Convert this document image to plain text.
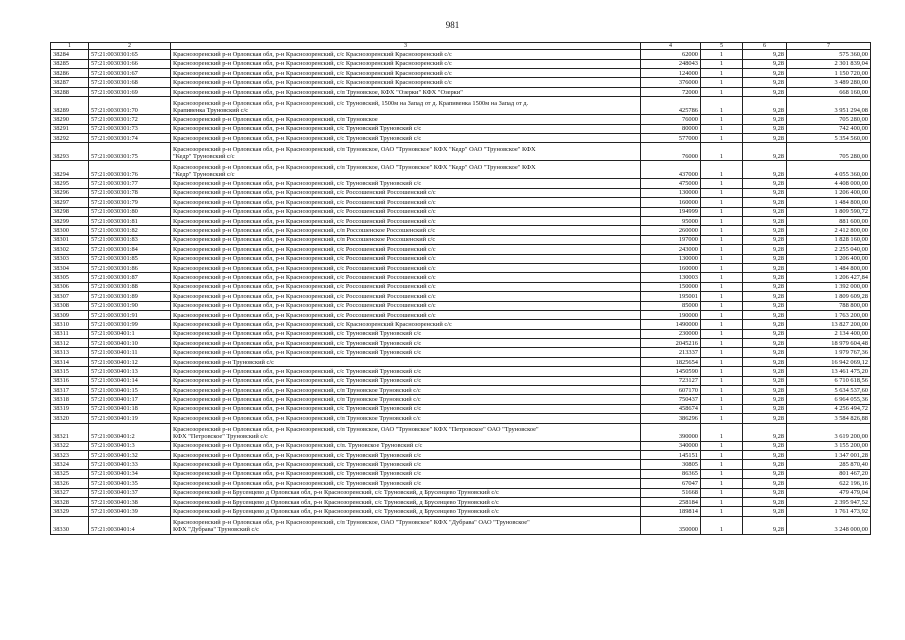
981
1	2	3	4	5	6	7
38284	57:21:0030301:65	Краснозоренский р-н Орловская обл, р-н Краснозоренский, с/с Краснозоренский Краснозоренский с/с	62000	1	9,28	575 360,00
38285	57:21:0030301:66	Краснозоренский р-н Орловская обл, р-н Краснозоренский, с/с Краснозоренский Краснозоренский с/с	248043	1	9,28	2 301 839,04
38286	57:21:0030301:67	Краснозоренский р-н Орловская обл, р-н Краснозоренский, с/с Краснозоренский Краснозоренский с/с	124000	1	9,28	1 150 720,00
38287	57:21:0030301:68	Краснозоренский р-н Орловская обл, р-н Краснозоренский, с/с Краснозоренский Краснозоренский с/с	376000	1	9,28	3 489 280,00
38288	57:21:0030301:69	Краснозоренский р-н Орловская обл, р-н Краснозоренский, с/п Труновское, КФХ "Озерки" КФХ "Озерки"	72000	1	9,28	668 160,00
38289	57:21:0030301:70	Краснозоренский р-н Орловская обл, р-н Краснозоренский, с/с Труновский, 1500м на Запад от д. Крапивенка 1500м на Запад от д.
Крапивенка Труновский с/с	425786	1	9,28	3 951 294,08
38290	57:21:0030301:72	Краснозоренский р-н Орловская обл, р-н Краснозоренский, с/п Труновское	76000	1	9,28	705 280,00
38291	57:21:0030301:73	Краснозоренский р-н Орловская обл, р-н Краснозоренский, с/с Труновский Труновский с/с	80000	1	9,28	742 400,00
38292	57:21:0030301:74	Краснозоренский р-н Орловская обл, р-н Краснозоренский, с/с Труновский Труновский с/с	577000	1	9,28	5 354 560,00
38293	57:21:0030301:75	Краснозоренский р-н Орловская обл, р-н Краснозоренский, с/п Труновское, ОАО "Труновское" КФХ "Кедр" ОАО "Труновское" КФХ
"Кедр" Труновский с/с	76000	1	9,28	705 280,00
38294	57:21:0030301:76	Краснозоренский р-н Орловская обл, р-н Краснозоренский, с/п Труновское, ОАО "Труновское" КФХ "Кедр" ОАО "Труновское" КФХ
"Кедр" Труновский с/с	437000	1	9,28	4 055 360,00
38295	57:21:0030301:77	Краснозоренский р-н Орловская обл, р-н Краснозоренский, с/с Труновский Труновский с/с	475000	1	9,28	4 408 000,00
38296	57:21:0030301:78	Краснозоренский р-н Орловская обл, р-н Краснозоренский, с/с Россошенский Россошенский с/с	130000	1	9,28	1 206 400,00
38297	57:21:0030301:79	Краснозоренский р-н Орловская обл, р-н Краснозоренский, с/с Россошенский Россошенский с/с	160000	1	9,28	1 484 800,00
38298	57:21:0030301:80	Краснозоренский р-н Орловская обл, р-н Краснозоренский, с/с Россошенский Россошенский с/с	194999	1	9,28	1 809 590,72
38299	57:21:0030301:81	Краснозоренский р-н Орловская обл, р-н Краснозоренский, с/с Россошенский Россошенский с/с	95000	1	9,28	881 600,00
38300	57:21:0030301:82	Краснозоренский р-н Орловская обл, р-н Краснозоренский, с/п Россошенское Россошенский с/с	260000	1	9,28	2 412 800,00
38301	57:21:0030301:83	Краснозоренский р-н Орловская обл, р-н Краснозоренский, с/п Россошенское Россошенский с/с	197000	1	9,28	1 828 160,00
38302	57:21:0030301:84	Краснозоренский р-н Орловская обл, р-н Краснозоренский, с/с Россошенский Россошенский с/с	243000	1	9,28	2 255 040,00
38303	57:21:0030301:85	Краснозоренский р-н Орловская обл, р-н Краснозоренский, с/с Россошенский Россошенский с/с	130000	1	9,28	1 206 400,00
38304	57:21:0030301:86	Краснозоренский р-н Орловская обл, р-н Краснозоренский, с/с Россошенский Россошенский с/с	160000	1	9,28	1 484 800,00
38305	57:21:0030301:87	Краснозоренский р-н Орловская обл, р-н Краснозоренский, с/с Россошенский Россошенский с/с	130003	1	9,28	1 206 427,84
38306	57:21:0030301:88	Краснозоренский р-н Орловская обл, р-н Краснозоренский, с/с Россошенский Россошенский с/с	150000	1	9,28	1 392 000,00
38307	57:21:0030301:89	Краснозоренский р-н Орловская обл, р-н Краснозоренский, с/с Россошенский Россошенский с/с	195001	1	9,28	1 809 609,28
38308	57:21:0030301:90	Краснозоренский р-н Орловская обл, р-н Краснозоренский, с/с Россошенский Россошенский с/с	85000	1	9,28	788 800,00
38309	57:21:0030301:91	Краснозоренский р-н Орловская обл, р-н Краснозоренский, с/с Россошенский Россошенский с/с	190000	1	9,28	1 763 200,00
38310	57:21:0030301:99	Краснозоренский р-н Орловская обл, р-н Краснозоренский, с/с Краснозоренский Краснозоренский с/с	1490000	1	9,28	13 827 200,00
38311	57:21:0030401:1	Краснозоренский р-н Орловская обл, р-н Краснозоренский, с/с Труновский Труновский с/с	230000	1	9,28	2 134 400,00
38312	57:21:0030401:10	Краснозоренский р-н Орловская обл, р-н Краснозоренский, с/с Труновский Труновский с/с	2045216	1	9,28	18 979 604,48
38313	57:21:0030401:11	Краснозоренский р-н Орловская обл, р-н Краснозоренский, с/с Труновский Труновский с/с	213337	1	9,28	1 979 767,36
38314	57:21:0030401:12	Краснозоренский р-н Труновский с/с	1825654	1	9,28	16 942 069,12
38315	57:21:0030401:13	Краснозоренский р-н Орловская обл, р-н Краснозоренский, с/с Труновский Труновский с/с	1450590	1	9,28	13 461 475,20
38316	57:21:0030401:14	Краснозоренский р-н Орловская обл, р-н Краснозоренский, с/с Труновский Труновский с/с	723127	1	9,28	6 710 618,56
38317	57:21:0030401:15	Краснозоренский р-н Орловская обл, р-н Краснозоренский, с/п Труновское Труновский с/с	607170	1	9,28	5 634 537,60
38318	57:21:0030401:17	Краснозоренский р-н Орловская обл, р-н Краснозоренский, с/п Труновское Труновский с/с	750437	1	9,28	6 964 055,36
38319	57:21:0030401:18	Краснозоренский р-н Орловская обл, р-н Краснозоренский, с/с Труновский Труновский с/с	458674	1	9,28	4 256 494,72
38320	57:21:0030401:19	Краснозоренский р-н Орловская обл, р-н Краснозоренский, с/п Труновское Труновский с/с	386296	1	9,28	3 584 826,88
38321	57:21:0030401:2	Краснозоренский р-н Орловская обл, р-н Краснозоренский, с/п Труновское, ОАО "Труновское" КФХ "Петровское" ОАО "Труновское"
КФХ "Петровское" Труновский с/с	390000	1	9,28	3 619 200,00
38322	57:21:0030401:3	Краснозоренский р-н Орловская обл, р-н Краснозоренский, с/п. Труновское Труновский с/с	340000	1	9,28	3 155 200,00
38323	57:21:0030401:32	Краснозоренский р-н Орловская обл, р-н Краснозоренский, с/с Труновский Труновский с/с	145151	1	9,28	1 347 001,28
38324	57:21:0030401:33	Краснозоренский р-н Орловская обл, р-н Краснозоренский, с/с Труновский Труновский с/с	30805	1	9,28	285 870,40
38325	57:21:0030401:34	Краснозоренский р-н Орловская обл, р-н Краснозоренский, с/с Труновский Труновский с/с	86365	1	9,28	801 467,20
38326	57:21:0030401:35	Краснозоренский р-н Орловская обл, р-н Краснозоренский, с/с Труновский Труновский с/с	67047	1	9,28	622 196,16
38327	57:21:0030401:37	Краснозоренский р-н Брусенцево д Орловская обл, р-н Краснозоренский, с/с Труновский, д Брусенцево Труновский с/с	51668	1	9,28	479 479,04
38328	57:21:0030401:38	Краснозоренский р-н Брусенцево д Орловская обл, р-н Краснозоренский, с/с Труновский, д Брусенцево Труновский с/с	258184	1	9,28	2 395 947,52
38329	57:21:0030401:39	Краснозоренский р-н Брусенцево д Орловская обл, р-н Краснозоренский, с/с Труновский, д Брусенцево Труновский с/с	189814	1	9,28	1 761 473,92
38330	57:21:0030401:4	Краснозоренский р-н Орловская обл, р-н Краснозоренский, с/п Труновское, ОАО "Труновское" КФХ "Дубрава" ОАО "Труновское"
КФХ "Дубрава" Труновский с/с	350000	1	9,28	3 248 000,00
